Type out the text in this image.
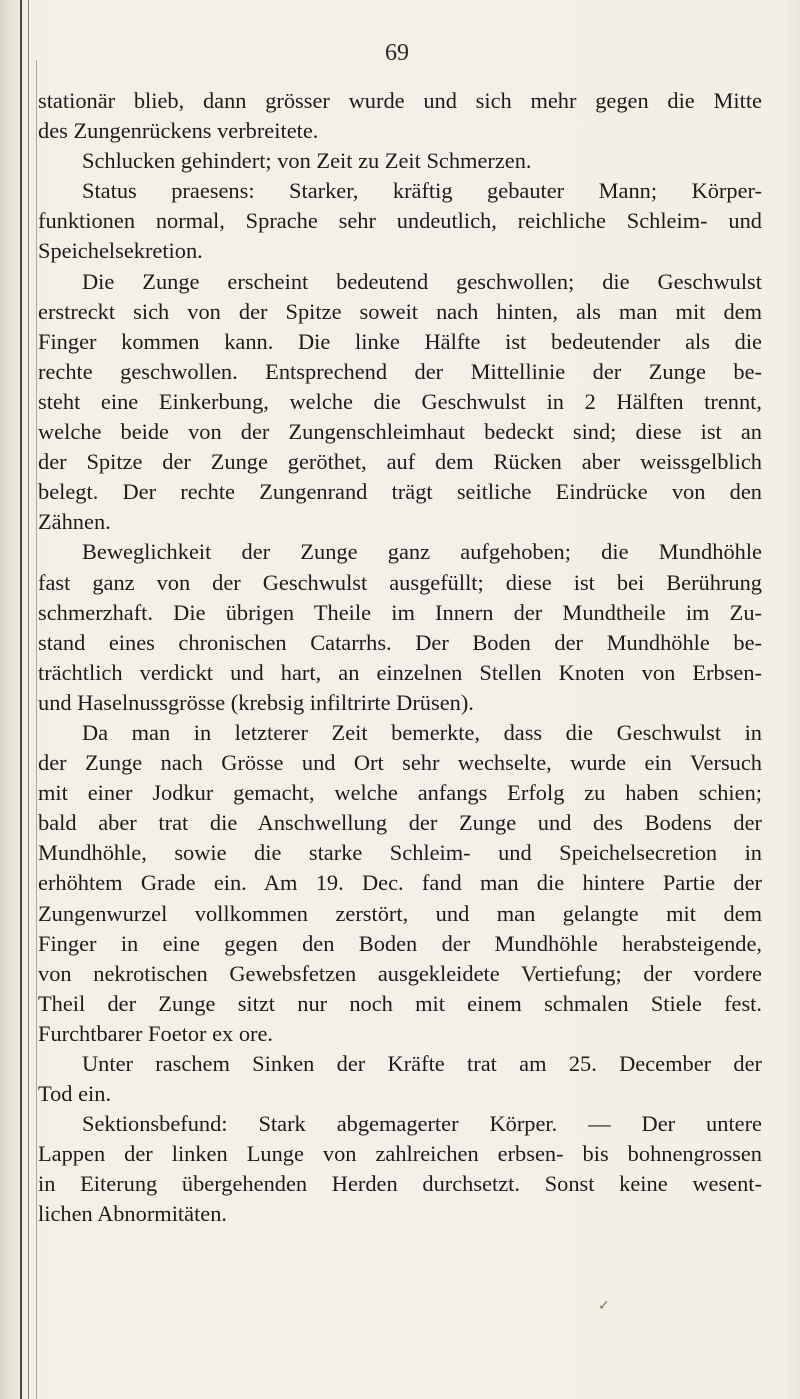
69
stationär blieb, dann grösser wurde und sich mehr gegen die Mitte
des Zungenrückens verbreitete.
Schlucken gehindert; von Zeit zu Zeit Schmerzen.
Status praesens: Starker, kräftig gebauter Mann; Körper-
funktionen normal, Sprache sehr undeutlich, reichliche Schleim- und
Speichelsekretion.
Die Zunge erscheint bedeutend geschwollen; die Geschwulst
erstreckt sich von der Spitze soweit nach hinten, als man mit dem
Finger kommen kann. Die linke Hälfte ist bedeutender als die
rechte geschwollen. Entsprechend der Mittellinie der Zunge be-
steht eine Einkerbung, welche die Geschwulst in 2 Hälften trennt,
welche beide von der Zungenschleimhaut bedeckt sind; diese ist an
der Spitze der Zunge geröthet, auf dem Rücken aber weissgelblich
belegt. Der rechte Zungenrand trägt seitliche Eindrücke von den
Zähnen.
Beweglichkeit der Zunge ganz aufgehoben; die Mundhöhle
fast ganz von der Geschwulst ausgefüllt; diese ist bei Berührung
schmerzhaft. Die übrigen Theile im Innern der Mundtheile im Zu-
stand eines chronischen Catarrhs. Der Boden der Mundhöhle be-
trächtlich verdickt und hart, an einzelnen Stellen Knoten von Erbsen-
und Haselnussgrösse (krebsig infiltrirte Drüsen).
Da man in letzterer Zeit bemerkte, dass die Geschwulst in
der Zunge nach Grösse und Ort sehr wechselte, wurde ein Versuch
mit einer Jodkur gemacht, welche anfangs Erfolg zu haben schien;
bald aber trat die Anschwellung der Zunge und des Bodens der
Mundhöhle, sowie die starke Schleim- und Speichelsecretion in
erhöhtem Grade ein. Am 19. Dec. fand man die hintere Partie der
Zungenwurzel vollkommen zerstört, und man gelangte mit dem
Finger in eine gegen den Boden der Mundhöhle herabsteigende,
von nekrotischen Gewebsfetzen ausgekleidete Vertiefung; der vordere
Theil der Zunge sitzt nur noch mit einem schmalen Stiele fest.
Furchtbarer Foetor ex ore.
Unter raschem Sinken der Kräfte trat am 25. December der
Tod ein.
Sektionsbefund: Stark abgemagerter Körper. — Der untere
Lappen der linken Lunge von zahlreichen erbsen- bis bohnengrossen
in Eiterung übergehenden Herden durchsetzt. Sonst keine wesent-
lichen Abnormitäten.
✓
